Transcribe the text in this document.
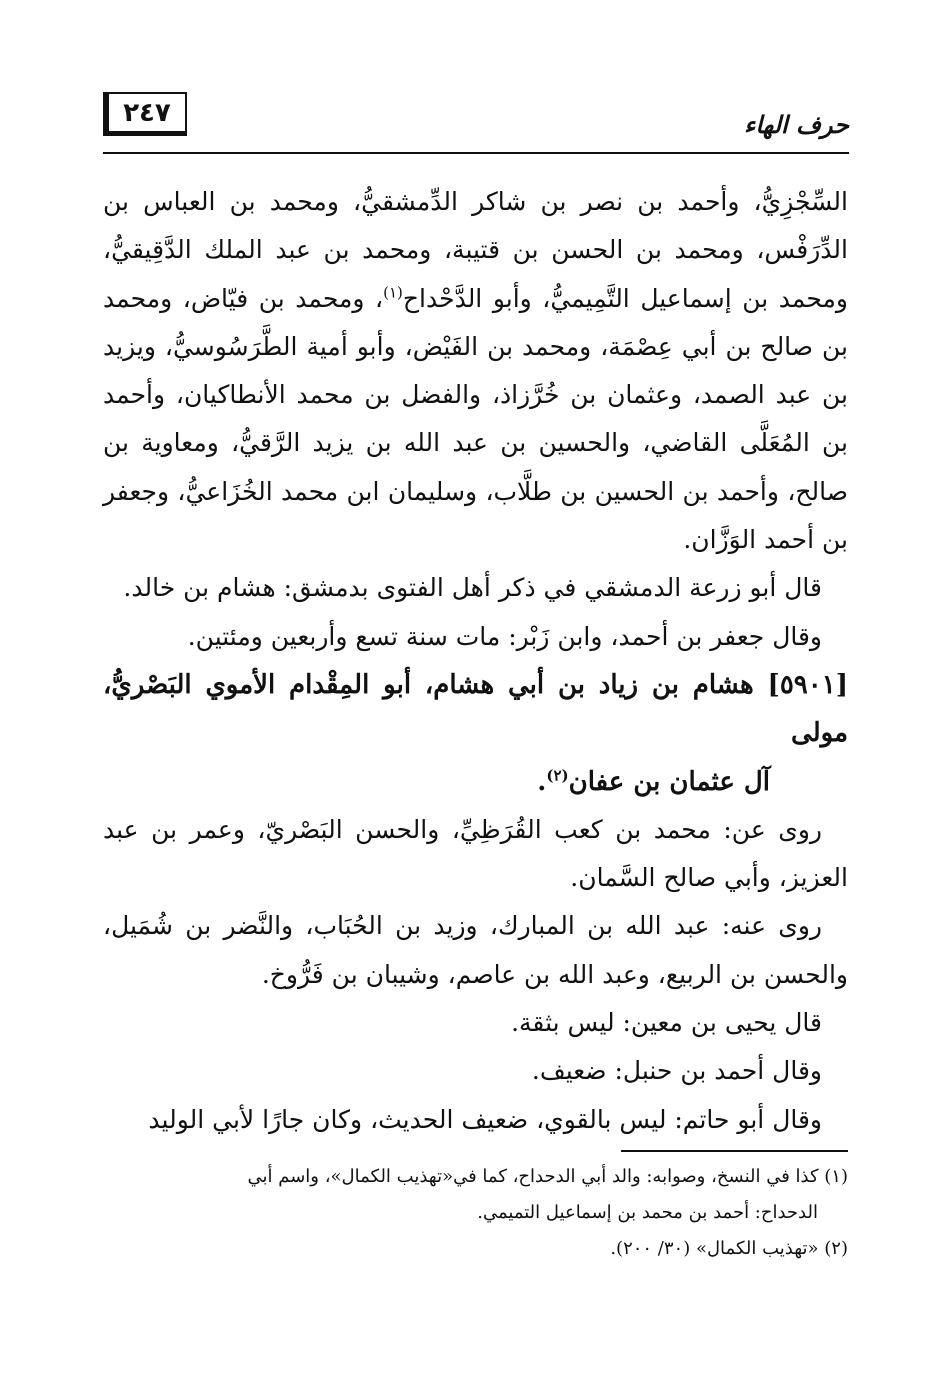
٢٤٧	حرف الهاء

السِّجْزِيُّ، وأحمد بن نصر بن شاكر الدِّمشقيُّ، ومحمد بن العباس بن الدِّرَفْس، ومحمد بن الحسن بن قتيبة، ومحمد بن عبد الملك الدَّقِيقيُّ، ومحمد بن إسماعيل التَّمِيميُّ، وأبو الدَّحْداح$^{(١)}$، ومحمد بن فيّاض، ومحمد بن صالح بن أبي عِصْمَة، ومحمد بن الفَيْض، وأبو أمية الطَّرَسُوسيُّ، ويزيد بن عبد الصمد، وعثمان بن خُرَّزاذ، والفضل بن محمد الأنطاكيان، وأحمد بن المُعَلَّى القاضي، والحسين بن عبد الله بن يزيد الرَّقيُّ، ومعاوية بن صالح، وأحمد بن الحسين بن طلَّاب، وسليمان ابن محمد الخُزَاعيُّ، وجعفر بن أحمد الوَزَّان.

قال أبو زرعة الدمشقي في ذكر أهل الفتوى بدمشق: هشام بن خالد.

وقال جعفر بن أحمد، وابن زَبْر: مات سنة تسع وأربعين ومئتين.

[٥٩٠١] هشام بن زياد بن أبي هشام، أبو المِقْدام الأموي البَصْريُّ، مولى

آل عثمان بن عفان$^{(٢)}$.

روى عن: محمد بن كعب القُرَظِيِّ، والحسن البَصْريّ، وعمر بن عبد العزيز، وأبي صالح السَّمان.

روى عنه: عبد الله بن المبارك، وزيد بن الحُبَاب، والنَّضر بن شُمَيل، والحسن بن الربيع، وعبد الله بن عاصم، وشيبان بن فَرُّوخ.

قال يحيى بن معين: ليس بثقة.

وقال أحمد بن حنبل: ضعيف.

وقال أبو حاتم: ليس بالقوي، ضعيف الحديث، وكان جارًا لأبي الوليد

(١) كذا في النسخ، وصوابه: والد أبي الدحداح، كما في«تهذيب الكمال»، واسم أبي

الدحداح: أحمد بن محمد بن إسماعيل التميمي.

(٢) «تهذيب الكمال» (٣٠/ ٢٠٠).
